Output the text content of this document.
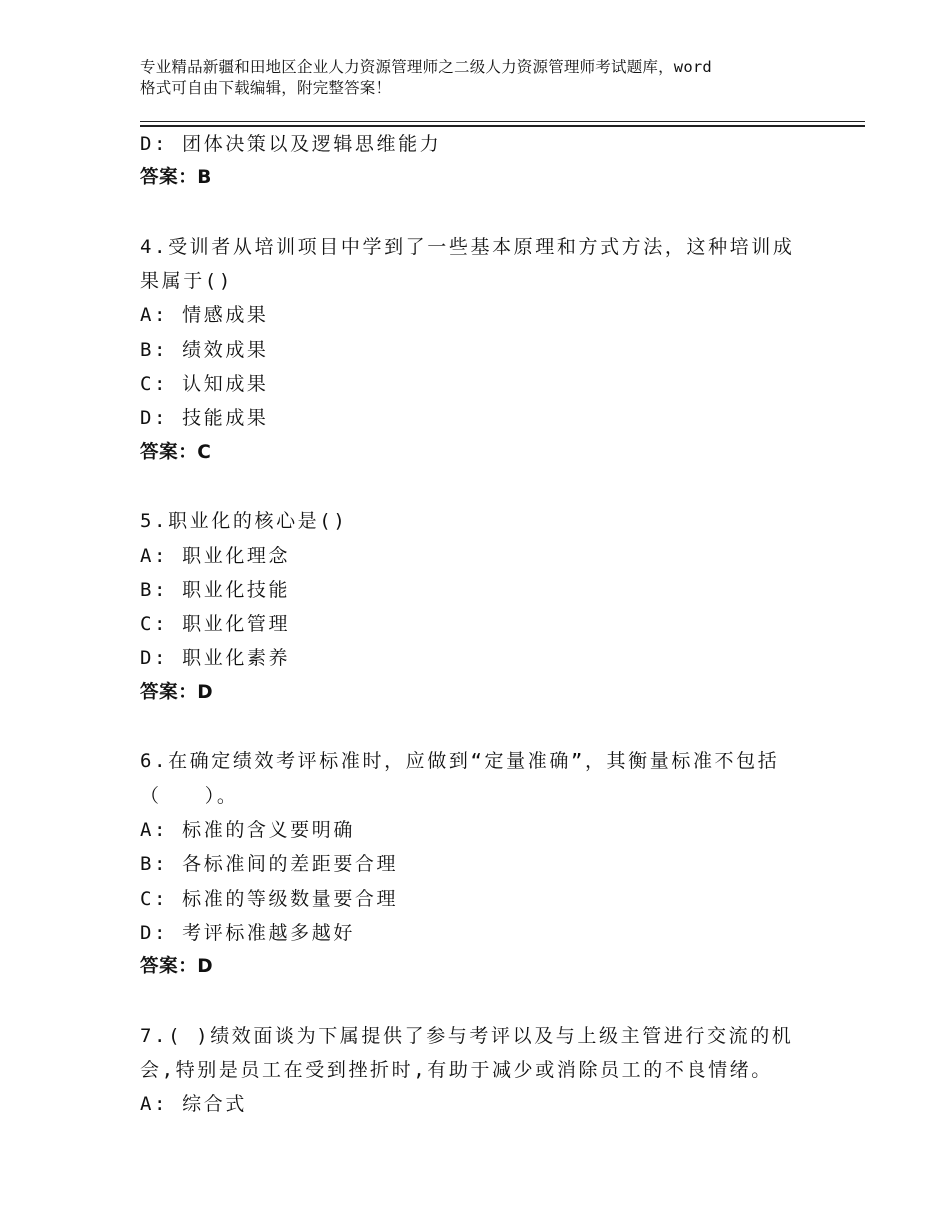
专业精品新疆和田地区企业人力资源管理师之二级人力资源管理师考试题库，word
格式可自由下载编辑，附完整答案！
D: 团体决策以及逻辑思维能力
答案：B
4.受训者从培训项目中学到了一些基本原理和方式方法，这种培训成
果属于()
A: 情感成果
B: 绩效成果
C: 认知成果
D: 技能成果
答案：C
5.职业化的核心是()
A: 职业化理念
B: 职业化技能
C: 职业化管理
D: 职业化素养
答案：D
6.在确定绩效考评标准时，应做到“定量准确”，其衡量标准不包括
（　　）。
A: 标准的含义要明确
B: 各标准间的差距要合理
C: 标准的等级数量要合理
D: 考评标准越多越好
答案：D
7.( )绩效面谈为下属提供了参与考评以及与上级主管进行交流的机
会,特别是员工在受到挫折时,有助于减少或消除员工的不良情绪。
A: 综合式
